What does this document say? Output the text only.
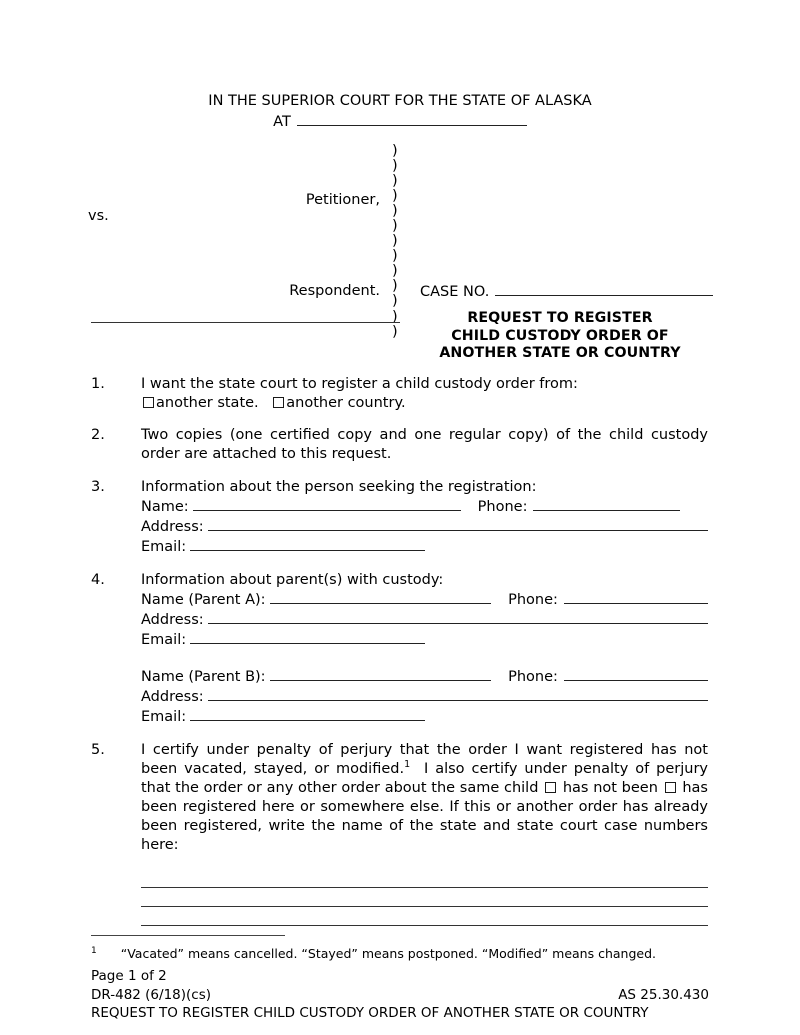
IN THE SUPERIOR COURT FOR THE STATE OF ALASKA
AT
)
)
)
)
)
)
)
)
)
)
)
)
)
Petitioner,
vs.
Respondent.	CASE NO.
REQUEST TO REGISTER
CHILD CUSTODY ORDER OF
ANOTHER STATE OR COUNTRY
1.	I want the state court to register a child custody order from:
another state. another country.
2.	Two copies (one certified copy and one regular copy) of the child custody order are attached to this request.
3.	Information about the person seeking the registration:
Name:	Phone:
Address:
Email:
4.	Information about parent(s) with custody:
Name (Parent A):	Phone:
Address:
Email:
Name (Parent B):	Phone:
Address:
Email:
5.	I certify under penalty of perjury that the order I want registered has not been vacated, stayed, or modified.$^1$ I also certify under penalty of perjury that the order or any other order about the same child has not been has been registered here or somewhere else. If this or another order has already been registered, write the name of the state and state court case numbers here:
$^1$ “Vacated” means cancelled. “Stayed” means postponed. “Modified” means changed.
Page 1 of 2
DR-482 (6/18)(cs)	AS 25.30.430
REQUEST TO REGISTER CHILD CUSTODY ORDER OF ANOTHER STATE OR COUNTRY
